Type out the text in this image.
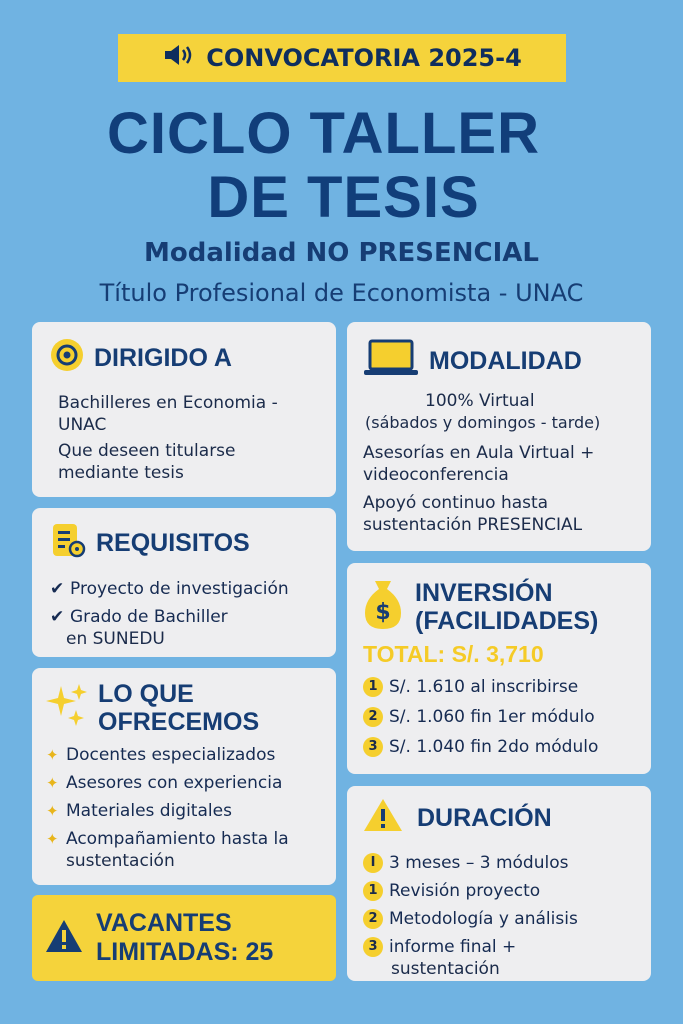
CONVOCATORIA 2025-4
CICLO TALLER
DE TESIS
Modalidad NO PRESENCIAL
Título Profesional de Economista - UNAC
DIRIGIDO A
Bachilleres en Economia -
UNAC
Que deseen titularse
mediante tesis
REQUISITOS
✔ Proyecto de investigación
✔ Grado de Bachiller
en SUNEDU
LO QUE
OFRECEMOS
✦ Docentes especializados
✦ Asesores con experiencia
✦ Materiales digitales
✦ Acompañamiento hasta la
sustentación
VACANTES
LIMITADAS: 25
MODALIDAD
100% Virtual
(sábados y domingos - tarde)
Asesorías en Aula Virtual +
videoconferencia
Apoyó continuo hasta
sustentación PRESENCIAL
$
INVERSIÓN
(FACILIDADES)
TOTAL: S/. 3,710
1 S/. 1.610 al inscribirse
2 S/. 1.060 fin 1er módulo
3 S/. 1.040 fin 2do módulo
DURACIÓN
I 3 meses – 3 módulos
1 Revisión proyecto
2 Metodología y análisis
3 informe final +
sustentación
